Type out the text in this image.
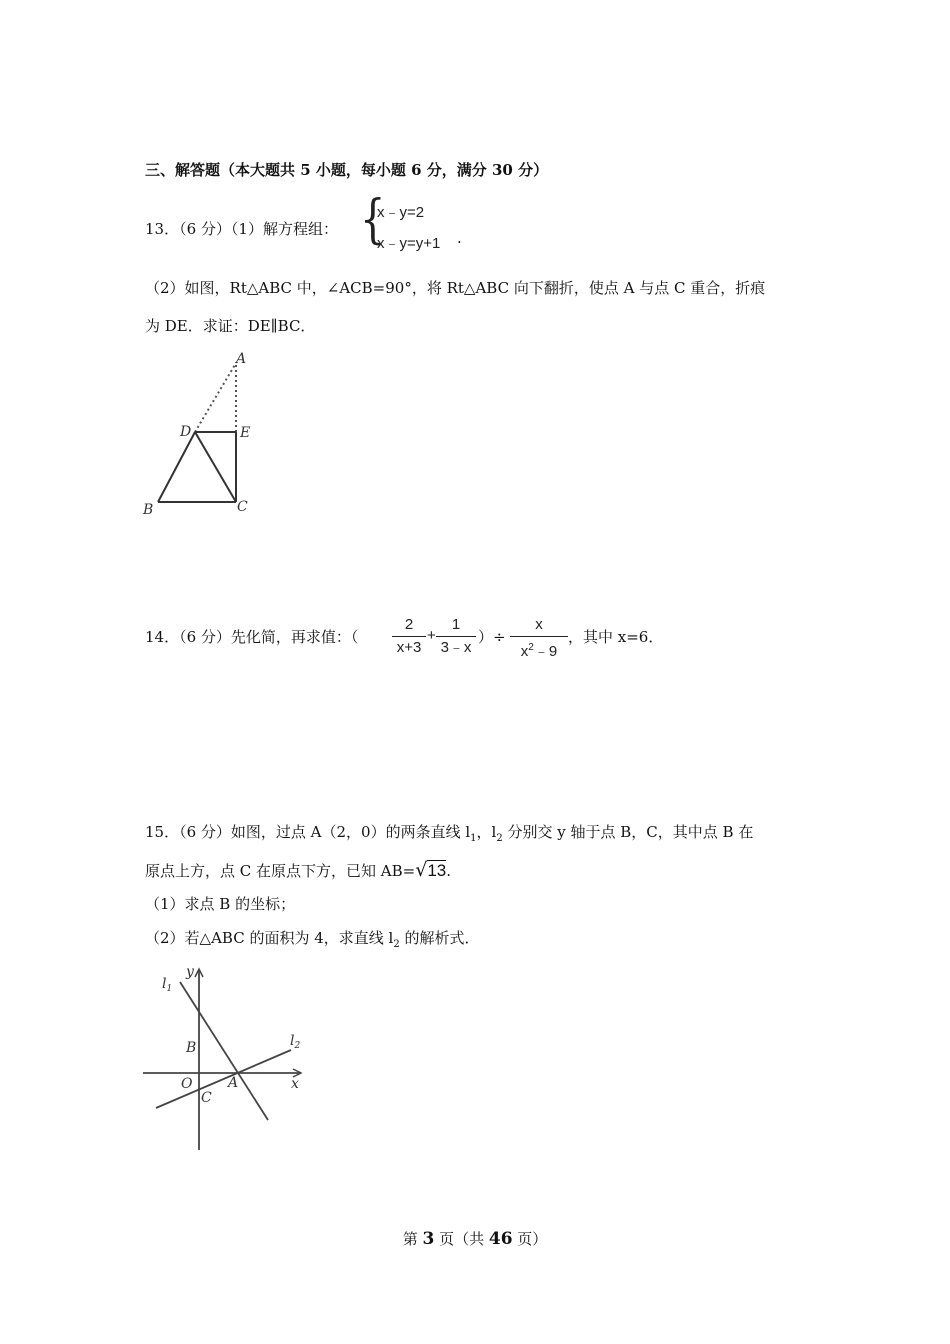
三、解答题（本大题共 5 小题，每小题 6 分，满分 30 分）
13．（6 分）（1）解方程组： {
x﹣y=2
x﹣y=y+1 .
（2）如图，Rt△ABC 中，∠ACB=90°，将 Rt△ABC 向下翻折，使点 A 与点 C 重合，折痕
为 DE．求证：DE∥BC．
A
D	E
B	C
14．（6 分）先化简，再求值：（
2
x+3
+
1
3﹣x
）÷
x
$x^2﹣9$
，其中 x=6．
15．（6 分）如图，过点 A（2，0）的两条直线 $l_1$，$l_2$ 分别交 y 轴于点 B，C，其中点 B 在
原点上方，点 C 在原点下方，已知 AB=√13.
（1）求点 B 的坐标；
（2）若△ABC 的面积为 4，求直线 $l_2$ 的解析式．
$l_1$
$l_2$
y
x
B
O	A
C
第 3 页（共 46 页）
